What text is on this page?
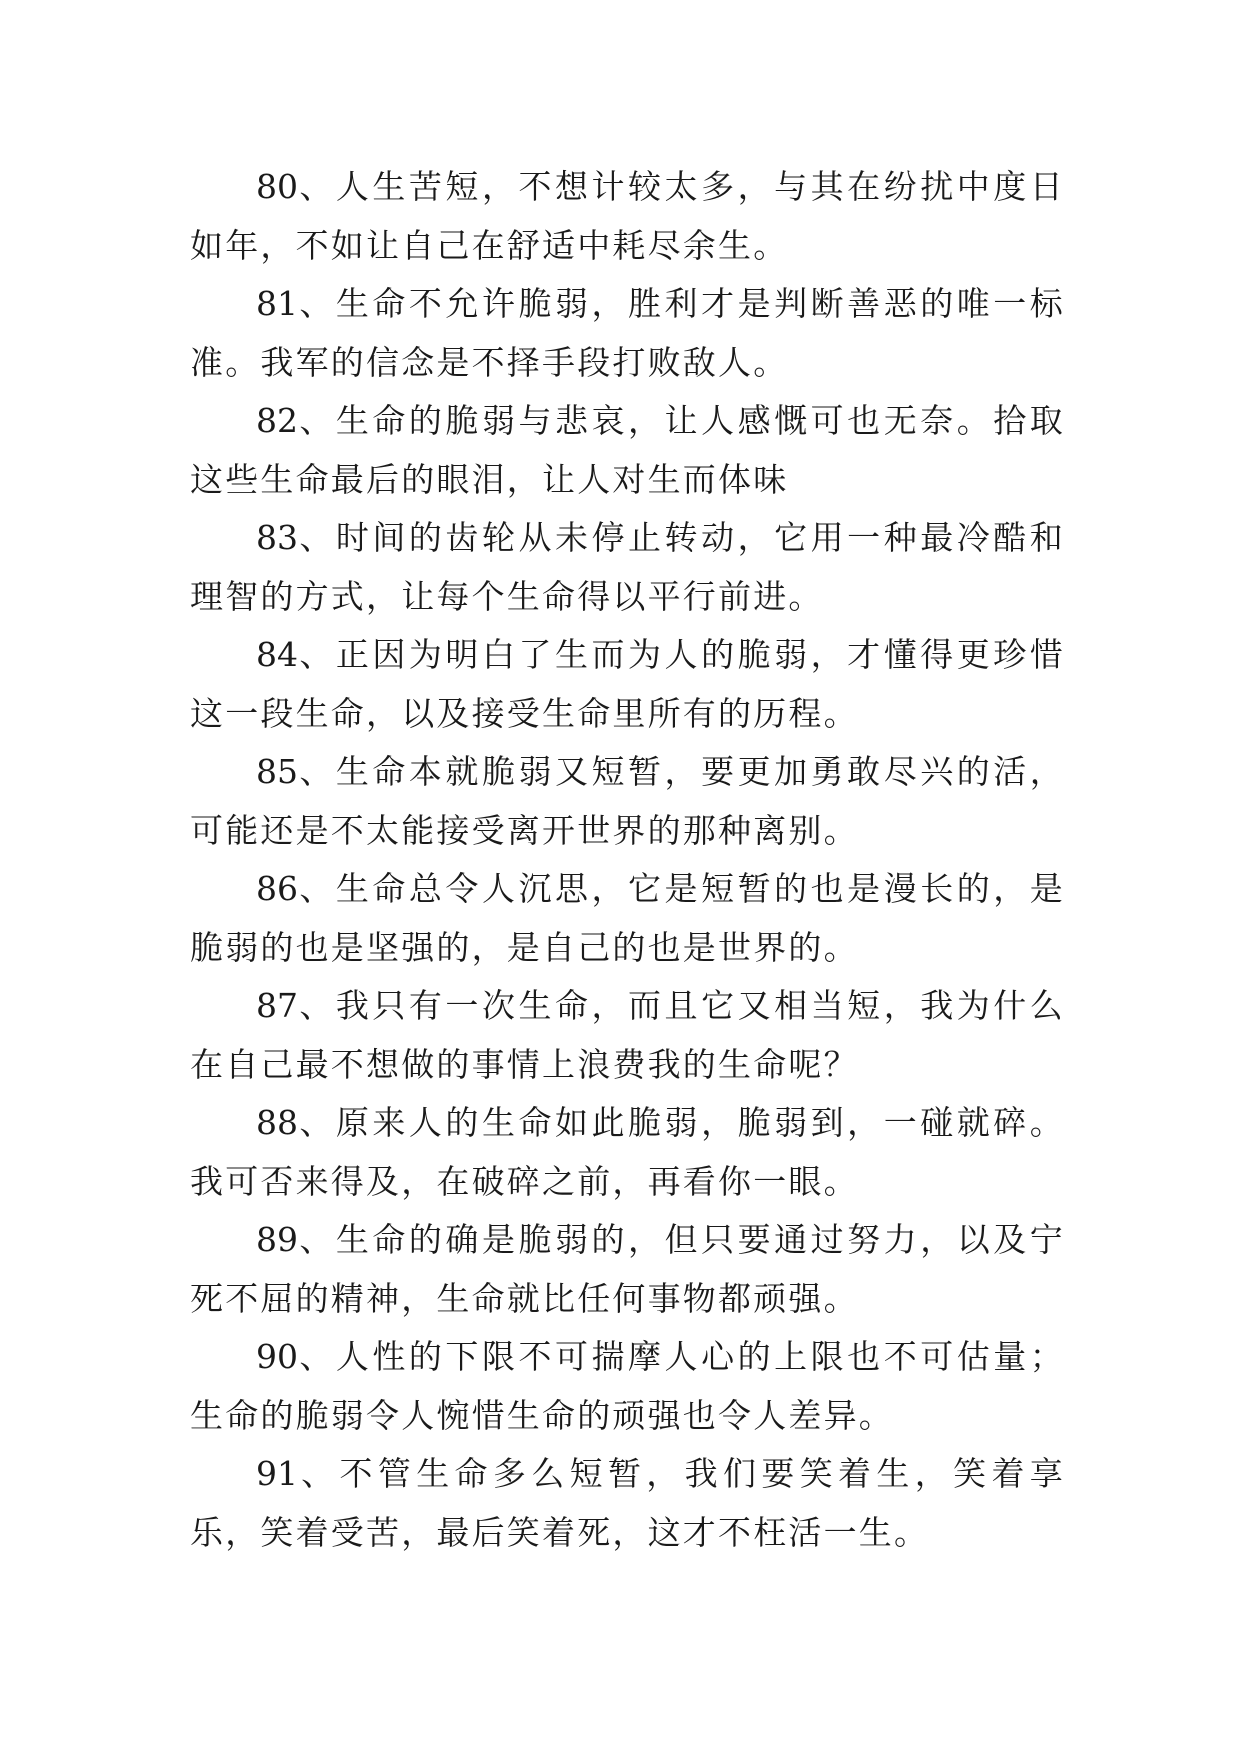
80、人生苦短，不想计较太多，与其在纷扰中度日如年，不如让自己在舒适中耗尽余生。

81、生命不允许脆弱，胜利才是判断善恶的唯一标准。我军的信念是不择手段打败敌人。

82、生命的脆弱与悲哀，让人感慨可也无奈。拾取这些生命最后的眼泪，让人对生而体味

83、时间的齿轮从未停止转动，它用一种最冷酷和理智的方式，让每个生命得以平行前进。

84、正因为明白了生而为人的脆弱，才懂得更珍惜这一段生命，以及接受生命里所有的历程。

85、生命本就脆弱又短暂，要更加勇敢尽兴的活，可能还是不太能接受离开世界的那种离别。

86、生命总令人沉思，它是短暂的也是漫长的，是脆弱的也是坚强的，是自己的也是世界的。

87、我只有一次生命，而且它又相当短，我为什么在自己最不想做的事情上浪费我的生命呢？

88、原来人的生命如此脆弱，脆弱到，一碰就碎。我可否来得及，在破碎之前，再看你一眼。

89、生命的确是脆弱的，但只要通过努力，以及宁死不屈的精神，生命就比任何事物都顽强。

90、人性的下限不可揣摩人心的上限也不可估量；生命的脆弱令人惋惜生命的顽强也令人差异。

91、不管生命多么短暂，我们要笑着生，笑着享乐，笑着受苦，最后笑着死，这才不枉活一生。
